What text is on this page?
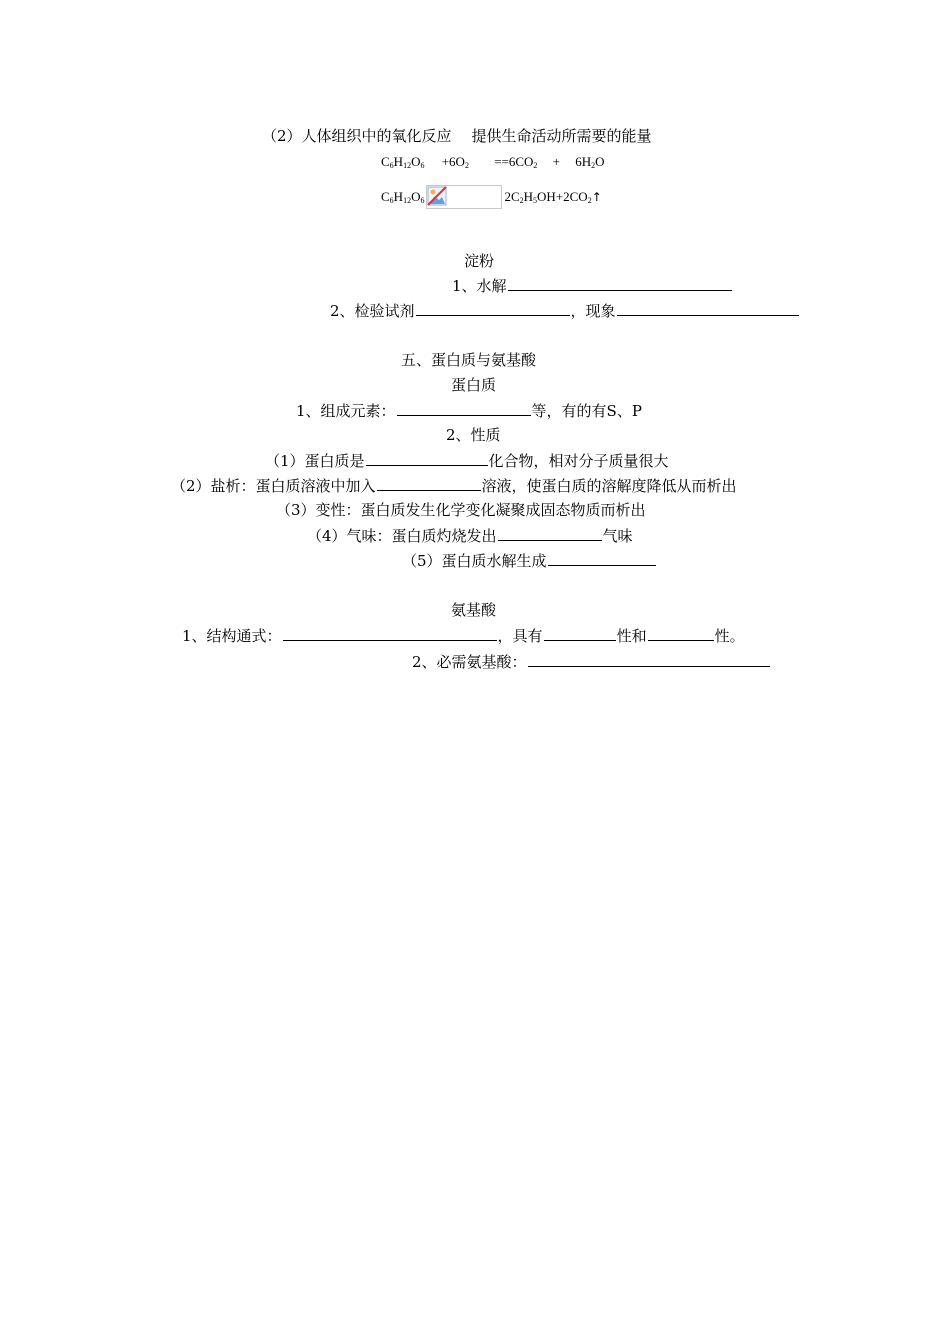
（2）人体组织中的氧化反应 提供生命活动所需要的能量
$C_6H_{12}O_6 +6O_2 ==6CO_2 + 6H_2O$
$C_6H_{12}O_6$	$2C_2H_5OH+2CO_2↑$
淀粉
1、水解
2、检验试剂	，现象
五、蛋白质与氨基酸
蛋白质
1、组成元素：	等，有的有S、P
2、性质
（1）蛋白质是	化合物，相对分子质量很大
（2）盐析：蛋白质溶液中加入	溶液，使蛋白质的溶解度降低从而析出
（3）变性：蛋白质发生化学变化凝聚成固态物质而析出
（4）气味：蛋白质灼烧发出	气味
（5）蛋白质水解生成
氨基酸
1、结构通式：	，具有	性和	性。
2、必需氨基酸：
